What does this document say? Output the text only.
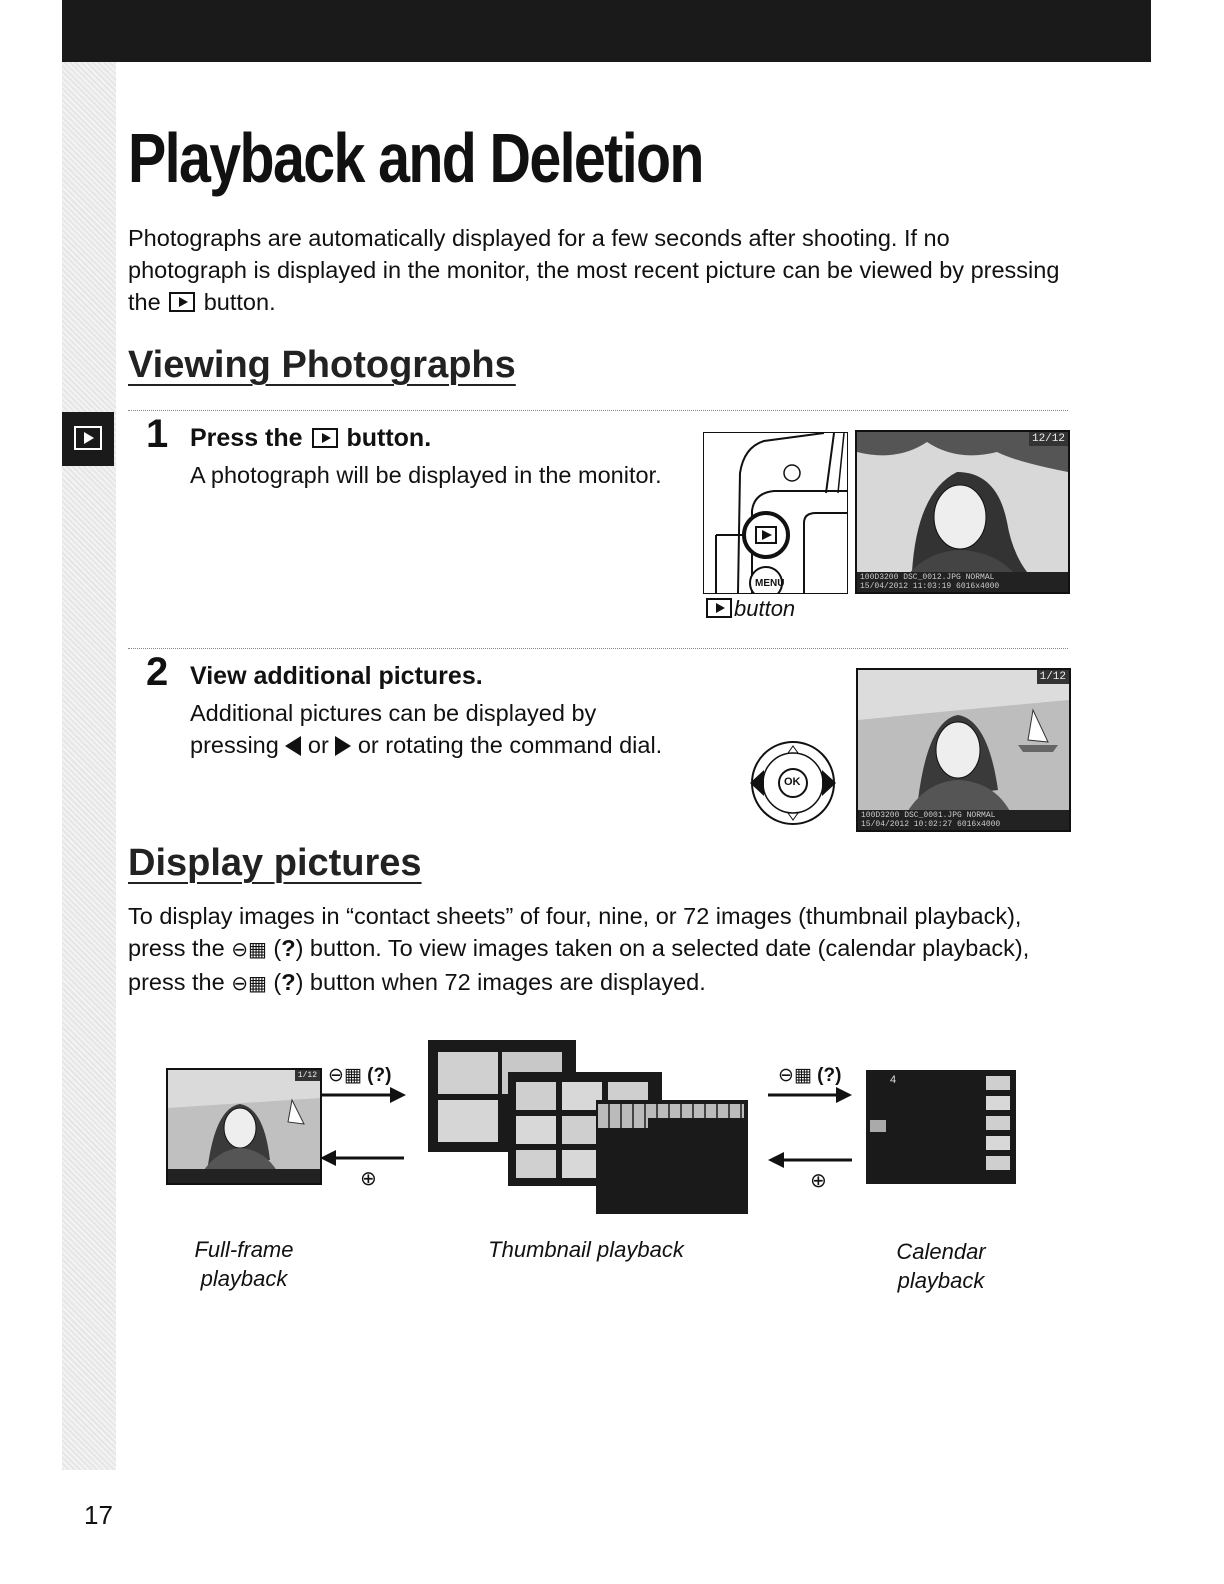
Playback and Deletion

Photographs are automatically displayed for a few seconds after shooting. If no photograph is displayed in the monitor, the most recent picture can be viewed by pressing the button.

Viewing Photographs
1 Press the button.

A photograph will be displayed in the monitor.

MENU
button
12/12
100D3200 DSC_0012.JPG NORMAL
15/04/2012 11:03:19 6016x4000
2 View additional pictures.

Additional pictures can be displayed by pressing or or rotating the command dial.

OK
1/12
100D3200 DSC_0001.JPG NORMAL
15/04/2012 10:02:27 6016x4000
Display pictures

To display images in “contact sheets” of four, nine, or 72 images (thumbnail playback), press the ⊖▦ (?) button. To view images taken on a selected date (calendar playback), press the ⊖▦ (?) button when 72 images are displayed.

1/12 ⊖▦ (?)
⊕
⊖▦ (?)
⊕
4
Full-frame
playback
Thumbnail playback	Calendar
playback
17
